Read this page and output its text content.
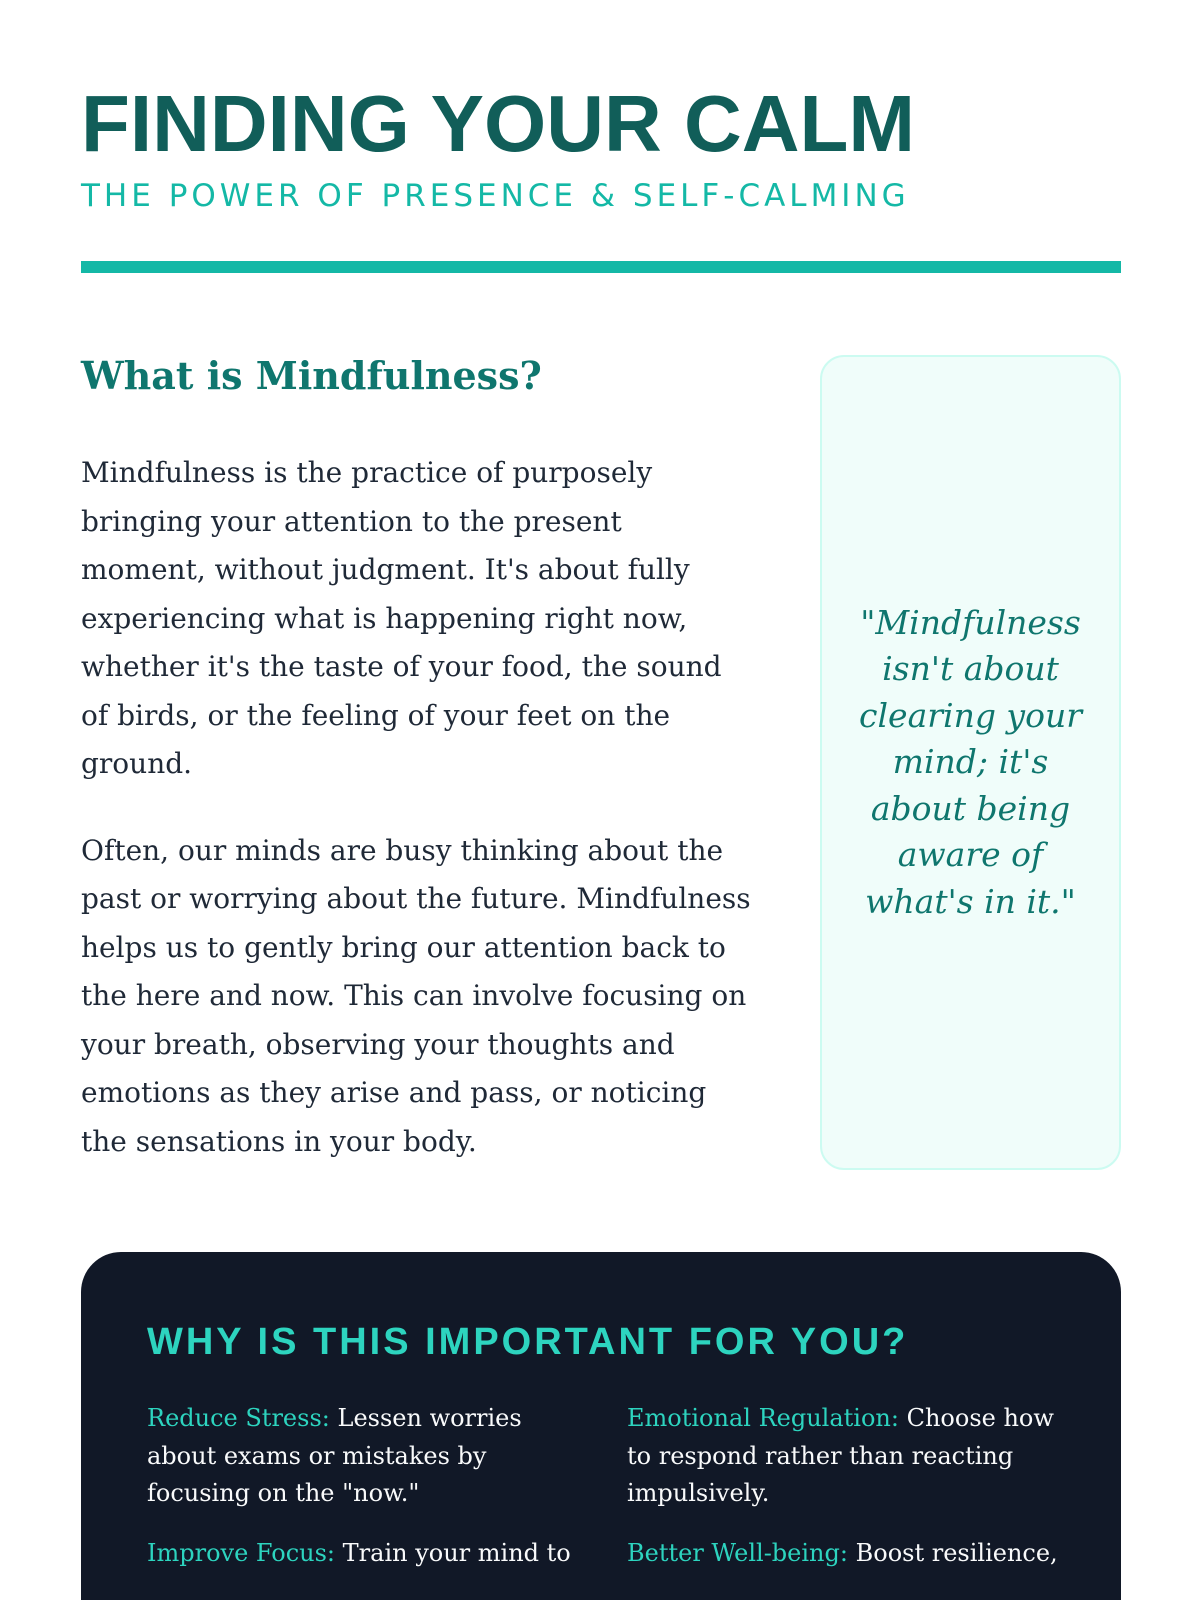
FINDING YOUR CALM
THE POWER OF PRESENCE & SELF-CALMING
What is Mindfulness?

Mindfulness is the practice of purposely bringing your attention to the present moment, without judgment. It's about fully experiencing what is happening right now, whether it's the taste of your food, the sound of birds, or the feeling of your feet on the ground.

Often, our minds are busy thinking about the past or worrying about the future. Mindfulness helps us to gently bring our attention back to the here and now. This can involve focusing on your breath, observing your thoughts and emotions as they arise and pass, or noticing the sensations in your body.

"Mindfulness isn't about clearing your mind; it's about being aware of what's in it."

WHY IS THIS IMPORTANT FOR YOU?
Reduce Stress: Lessen worries about exams or mistakes by focusing on the "now."
Emotional Regulation: Choose how to respond rather than reacting impulsively.
Improve Focus: Train your mind to	Better Well-being: Boost resilience,
